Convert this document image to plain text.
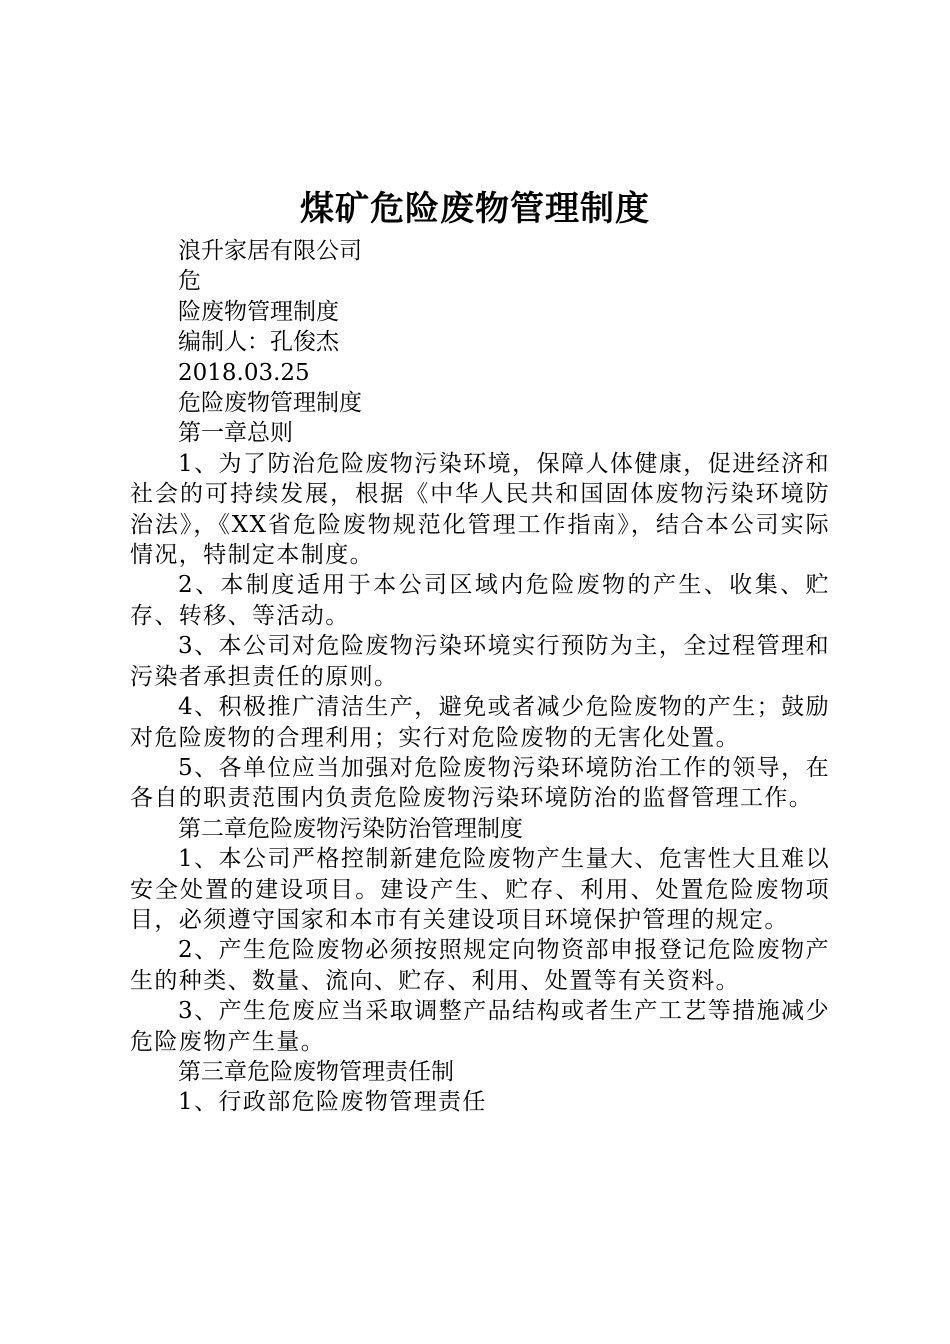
煤矿危险废物管理制度

浪升家居有限公司

危

险废物管理制度

编制人：孔俊杰

2018.03.25

危险废物管理制度

第一章总则

1、为了防治危险废物污染环境，保障人体健康，促进经济和社会的可持续发展，根据《中华人民共和国固体废物污染环境防治法》，《XX省危险废物规范化管理工作指南》，结合本公司实际情况，特制定本制度。

2、本制度适用于本公司区域内危险废物的产生、收集、贮存、转移、等活动。

3、本公司对危险废物污染环境实行预防为主，全过程管理和污染者承担责任的原则。

4、积极推广清洁生产，避免或者减少危险废物的产生；鼓励对危险废物的合理利用；实行对危险废物的无害化处置。

5、各单位应当加强对危险废物污染环境防治工作的领导，在各自的职责范围内负责危险废物污染环境防治的监督管理工作。

第二章危险废物污染防治管理制度

1、本公司严格控制新建危险废物产生量大、危害性大且难以安全处置的建设项目。建设产生、贮存、利用、处置危险废物项目，必须遵守国家和本市有关建设项目环境保护管理的规定。

2、产生危险废物必须按照规定向物资部申报登记危险废物产生的种类、数量、流向、贮存、利用、处置等有关资料。

3、产生危废应当采取调整产品结构或者生产工艺等措施减少危险废物产生量。

第三章危险废物管理责任制

1、行政部危险废物管理责任
